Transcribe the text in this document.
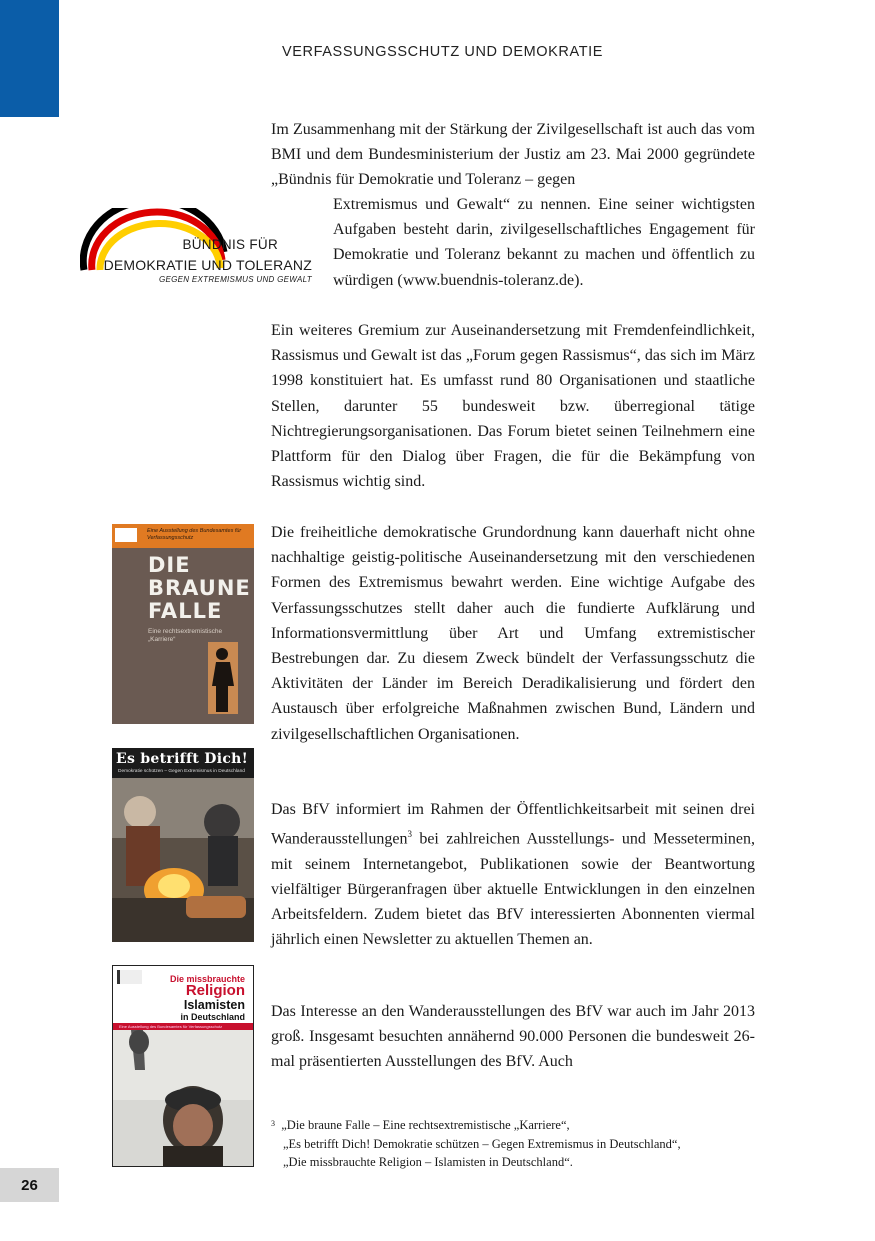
VERFASSUNGSSCHUTZ UND DEMOKRATIE

Im Zusammenhang mit der Stärkung der Zivilgesellschaft ist auch das vom BMI und dem Bundesministerium der Justiz am 23. Mai 2000 gegründete „Bündnis für Demokratie und Toleranz – gegen

Extremismus und Gewalt“ zu nennen. Eine seiner wichtigsten Aufgaben besteht darin, zivilgesellschaftliches Engagement für Demokratie und Toleranz bekannt zu machen und öffentlich zu würdigen (www.buendnis-toleranz.de).

BÜNDNIS FÜR
DEMOKRATIE UND TOLERANZ
GEGEN EXTREMISMUS UND GEWALT

Ein weiteres Gremium zur Auseinandersetzung mit Fremdenfeindlichkeit, Rassismus und Gewalt ist das „Forum gegen Rassismus“, das sich im März 1998 konstituiert hat. Es umfasst rund 80 Organisationen und staatliche Stellen, darunter 55 bundesweit bzw. überregional tätige Nichtregierungsorganisationen. Das Forum bietet seinen Teilnehmern eine Plattform für den Dialog über Fragen, die für die Bekämpfung von Rassismus wichtig sind.

Die freiheitliche demokratische Grundordnung kann dauerhaft nicht ohne nachhaltige geistig-politische Auseinandersetzung mit den verschiedenen Formen des Extremismus bewahrt werden. Eine wichtige Aufgabe des Verfassungsschutzes stellt daher auch die fundierte Aufklärung und Informationsvermittlung über Art und Umfang extremistischer Bestrebungen dar. Zu diesem Zweck bündelt der Verfassungsschutz die Aktivitäten der Länder im Bereich Deradikalisierung und fördert den Austausch über erfolgreiche Maßnahmen zwischen Bund, Ländern und zivilgesellschaftlichen Organisationen.

Das BfV informiert im Rahmen der Öffentlichkeitsarbeit mit seinen drei Wanderausstellungen$^3$ bei zahlreichen Ausstellungs- und Messeterminen, mit seinem Internetangebot, Publikationen sowie der Beantwortung vielfältiger Bürgeranfragen über aktuelle Entwicklungen in den einzelnen Arbeitsfeldern. Zudem bietet das BfV interessierten Abonnenten viermal jährlich einen Newsletter zu aktuellen Themen an.

Das Interesse an den Wanderausstellungen des BfV war auch im Jahr 2013 groß. Insgesamt besuchten annähernd 90.000 Personen die bundesweit 26-mal präsentierten Ausstellungen des BfV. Auch

Eine Ausstellung des Bundesamtes für Verfassungsschutz
DIE
BRAUNE
FALLE
Eine rechtsextremistische „Karriere“
Es betrifft Dich!
Demokratie schützen – Gegen Extremismus in Deutschland
Die missbrauchte
Religion
Islamisten
in Deutschland
Eine Ausstellung des Bundesamtes für Verfassungsschutz
$^3$ „Die braune Falle – Eine rechtsextremistische „Karriere“,
„Es betrifft Dich! Demokratie schützen – Gegen Extremismus in Deutschland“,
„Die missbrauchte Religion – Islamisten in Deutschland“.
26
